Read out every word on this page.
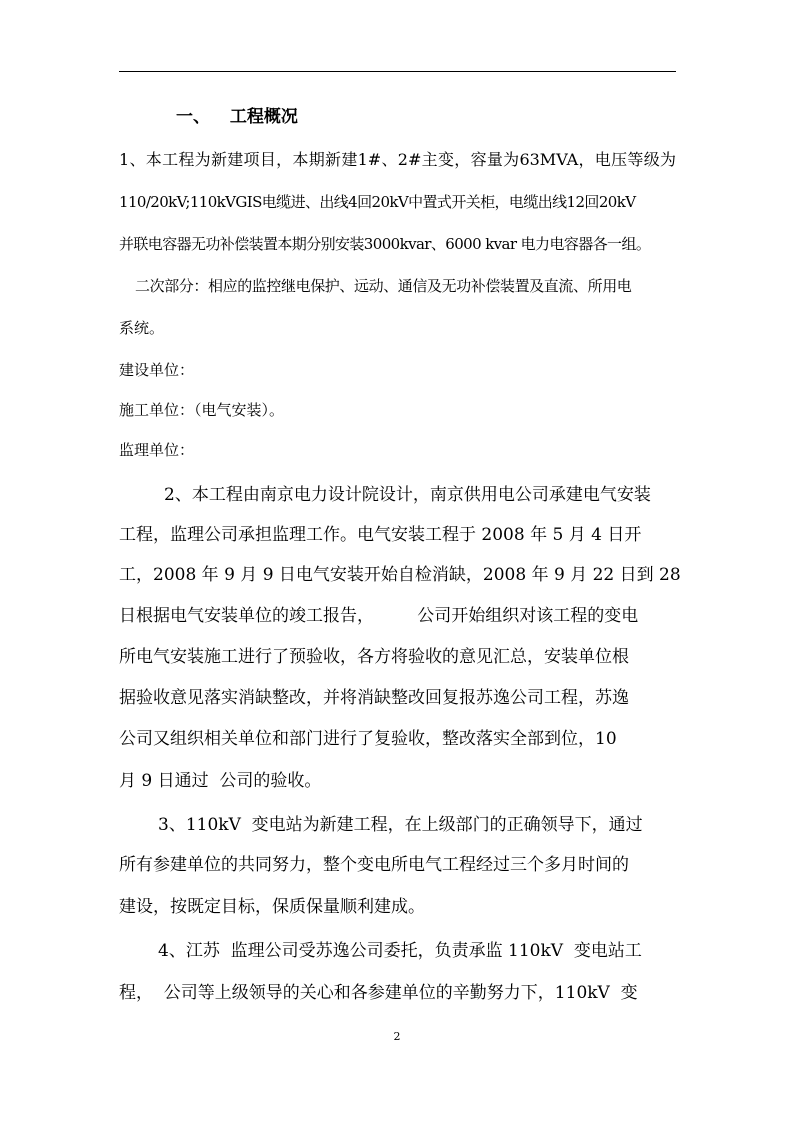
一、 工程概况
1、本工程为新建项目，本期新建1#、2#主变，容量为63MVA，电压等级为
110/20kV;110kVGIS电缆进、出线4回20kV中置式开关柜，电缆出线12回20kV
并联电容器无功补偿装置本期分别安装3000kvar、6000 kvar 电力电容器各一组。
二次部分：相应的监控继电保护、远动、通信及无功补偿装置及直流、所用电
系统。
建设单位：
施工单位：（电气安装）。
监理单位：
2、本工程由南京电力设计院设计，南京供用电公司承建电气安装
工程，监理公司承担监理工作。电气安装工程于 2008 年 5 月 4 日开
工，2008 年 9 月 9 日电气安装开始自检消缺，2008 年 9 月 22 日到 28
日根据电气安装单位的竣工报告，        公司开始组织对该工程的变电
所电气安装施工进行了预验收，各方将验收的意见汇总，安装单位根
据验收意见落实消缺整改，并将消缺整改回复报苏逸公司工程，苏逸
公司又组织相关单位和部门进行了复验收，整改落实全部到位，10
月 9 日通过  公司的验收。
3、110kV  变电站为新建工程，在上级部门的正确领导下，通过
所有参建单位的共同努力，整个变电所电气工程经过三个多月时间的
建设，按既定目标，保质保量顺利建成。
4、江苏  监理公司受苏逸公司委托，负责承监 110kV  变电站工
程，  公司等上级领导的关心和各参建单位的辛勤努力下，110kV  变
2
